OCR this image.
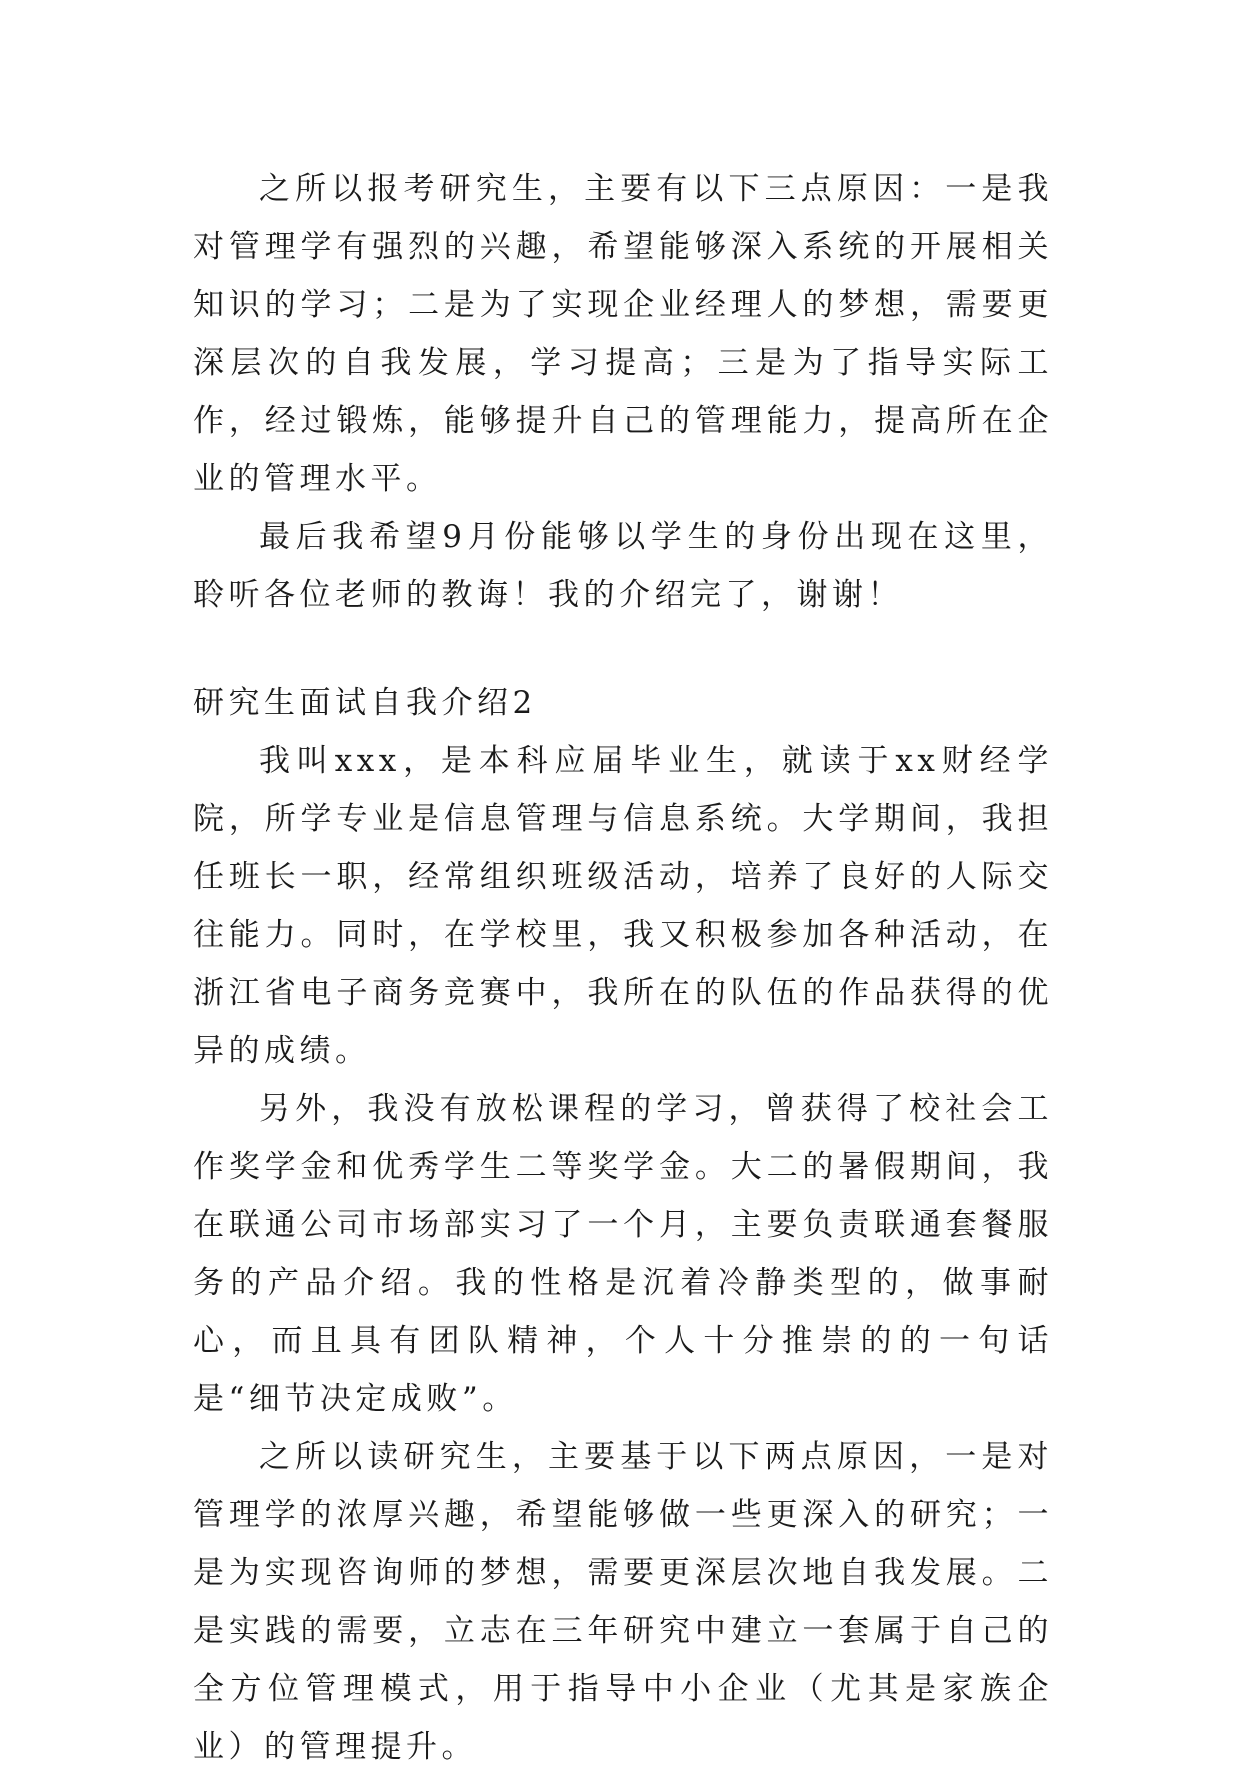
之所以报考研究生，主要有以下三点原因：一是我对管理学有强烈的兴趣，希望能够深入系统的开展相关知识的学习；二是为了实现企业经理人的梦想，需要更深层次的自我发展，学习提高；三是为了指导实际工作，经过锻炼，能够提升自己的管理能力，提高所在企业的管理水平。

最后我希望9月份能够以学生的身份出现在这里，聆听各位老师的教诲！我的介绍完了，谢谢！

研究生面试自我介绍2

我叫xxx，是本科应届毕业生，就读于xx财经学院，所学专业是信息管理与信息系统。大学期间，我担任班长一职，经常组织班级活动，培养了良好的人际交往能力。同时，在学校里，我又积极参加各种活动，在浙江省电子商务竞赛中，我所在的队伍的作品获得的优异的成绩。

另外，我没有放松课程的学习，曾获得了校社会工作奖学金和优秀学生二等奖学金。大二的暑假期间，我在联通公司市场部实习了一个月，主要负责联通套餐服务的产品介绍。我的性格是沉着冷静类型的，做事耐心，而且具有团队精神，个人十分推崇的的一句话是“细节决定成败”。

之所以读研究生，主要基于以下两点原因，一是对管理学的浓厚兴趣，希望能够做一些更深入的研究；一是为实现咨询师的梦想，需要更深层次地自我发展。二是实践的需要，立志在三年研究中建立一套属于自己的全方位管理模式，用于指导中小企业（尤其是家族企业）的管理提升。
